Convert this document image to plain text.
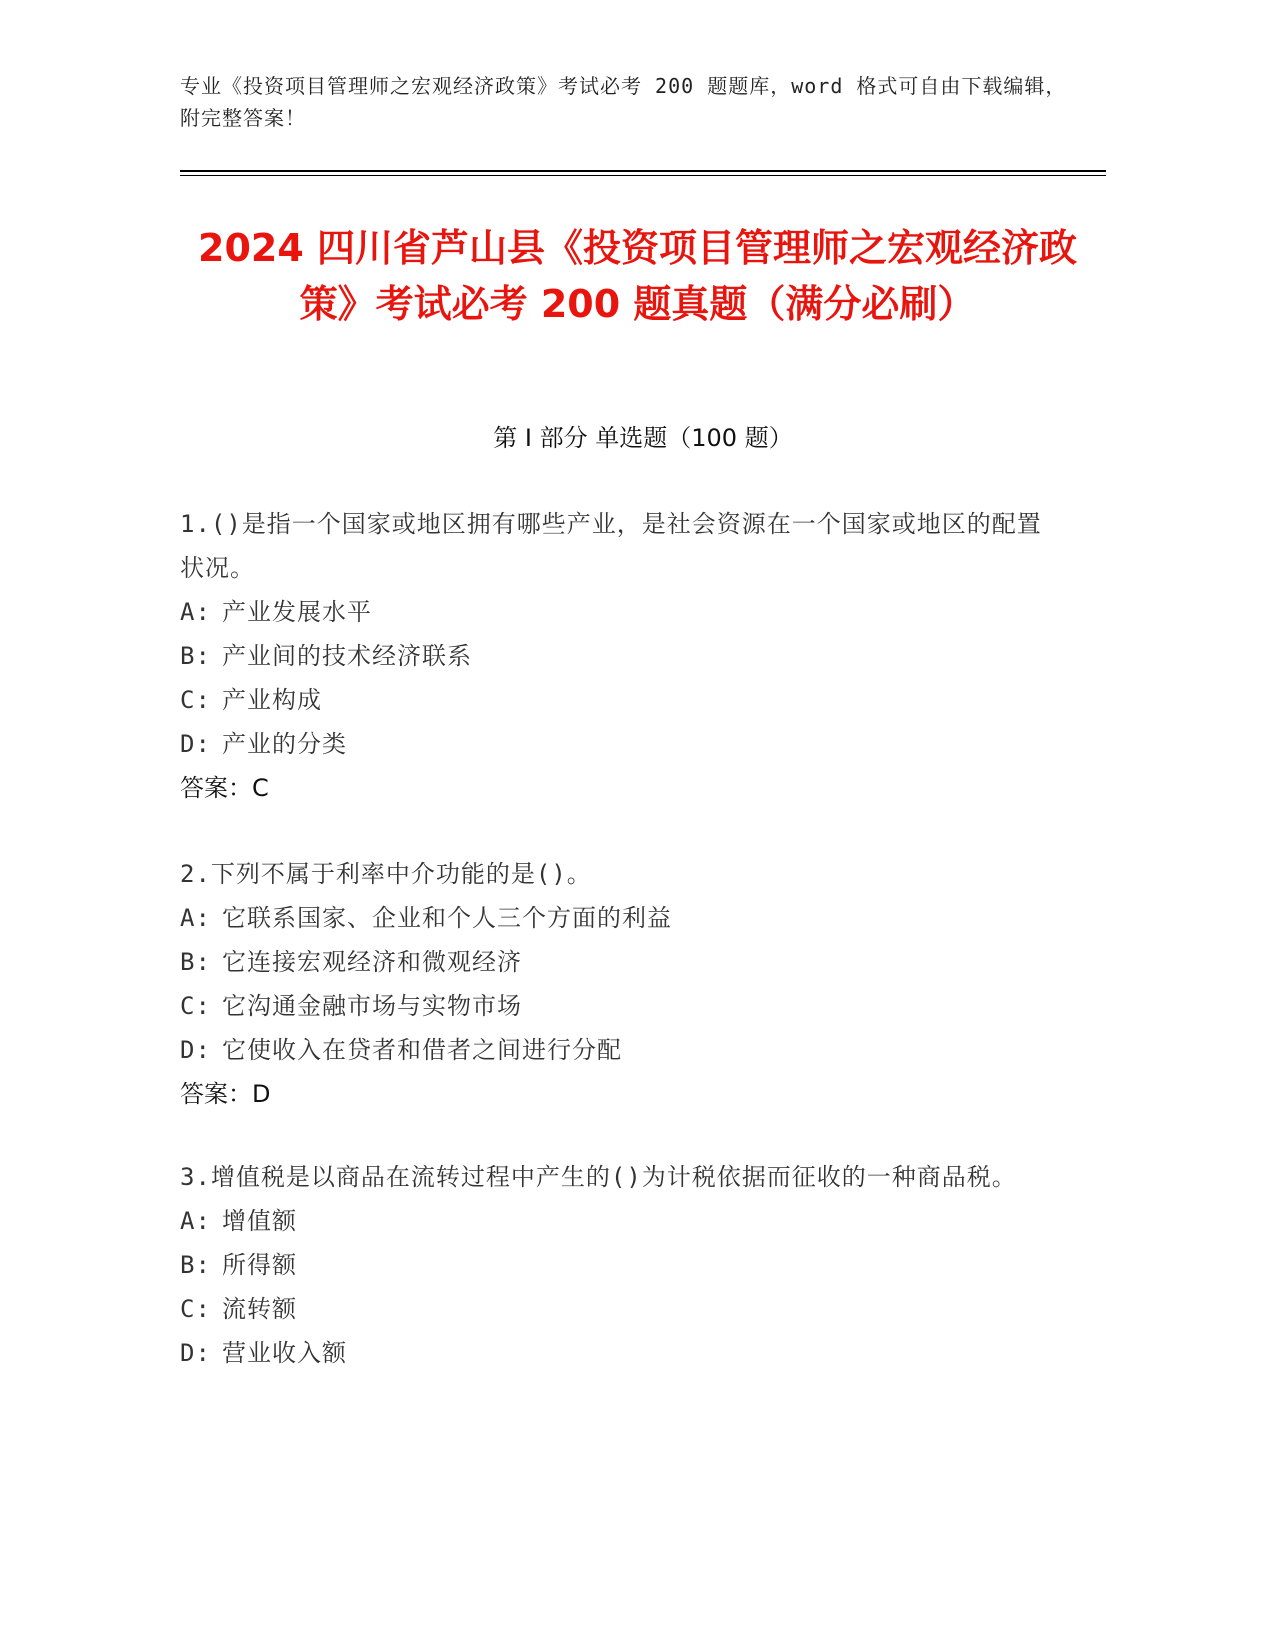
专业《投资项目管理师之宏观经济政策》考试必考 200 题题库，word 格式可自由下载编辑，附完整答案！
2024 四川省芦山县《投资项目管理师之宏观经济政策》考试必考 200 题真题（满分必刷）
第 I 部分 单选题（100 题）

1.()是指一个国家或地区拥有哪些产业，是社会资源在一个国家或地区的配置状况。

A: 产业发展水平

B: 产业间的技术经济联系

C: 产业构成

D: 产业的分类

答案：C

2.下列不属于利率中介功能的是()。

A: 它联系国家、企业和个人三个方面的利益

B: 它连接宏观经济和微观经济

C: 它沟通金融市场与实物市场

D: 它使收入在贷者和借者之间进行分配

答案：D

3.增值税是以商品在流转过程中产生的()为计税依据而征收的一种商品税。

A: 增值额

B: 所得额

C: 流转额

D: 营业收入额
